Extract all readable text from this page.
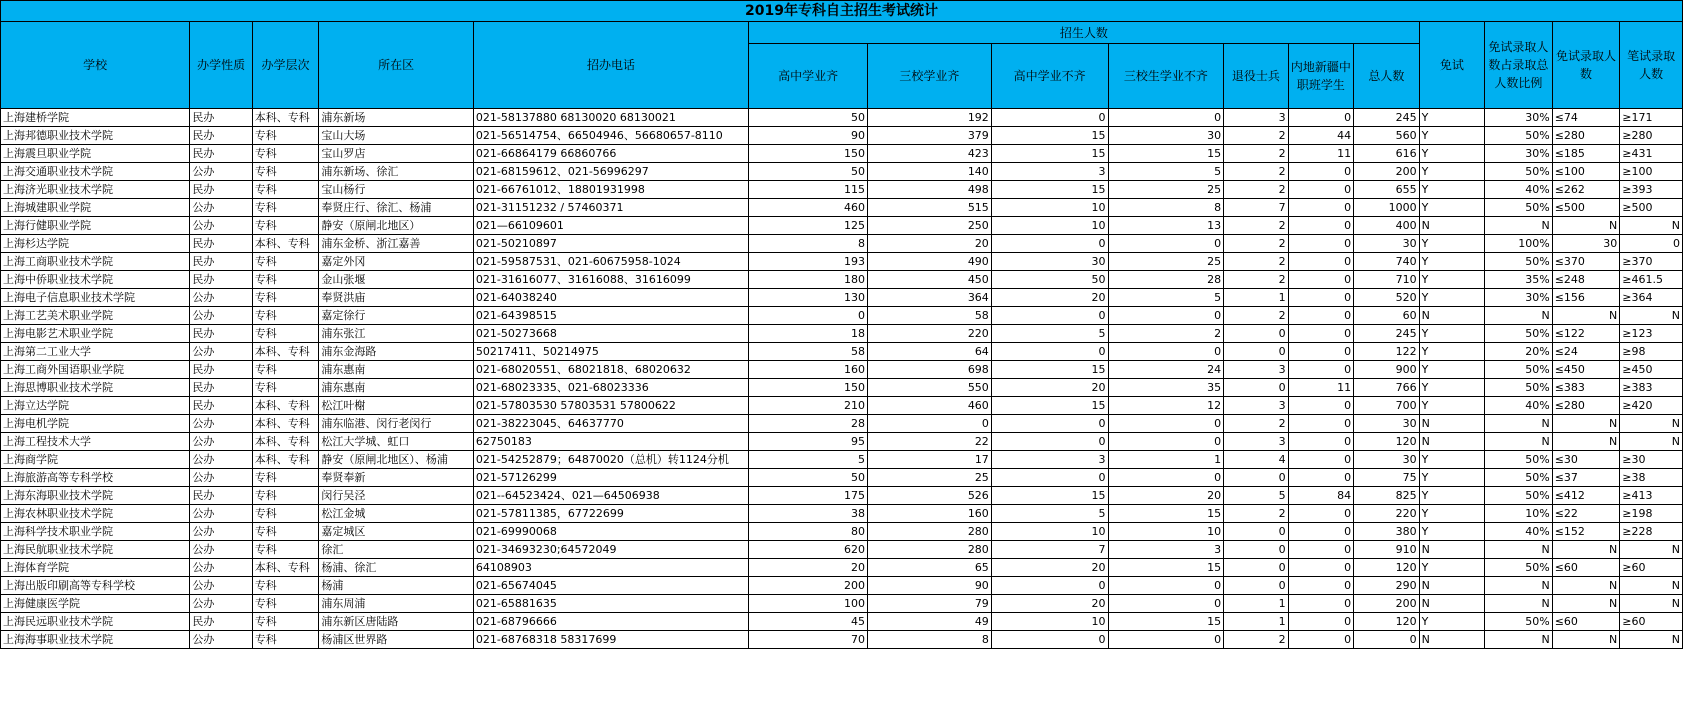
2019年专科自主招生考试统计															
学校	办学性质	办学层次	所在区	招办电话	招生人数							免试	免试录取人数占录取总人数比例	免试录取人数	笔试录取人数
					高中学业齐	三校学业齐	高中学业不齐	三校生学业不齐	退役士兵	内地新疆中职班学生	总人数				
上海建桥学院	民办	本科、专科	浦东新场	021-58137880 68130020 68130021	50	192	0	0	3	0	245	Y	30%	≤74	≥171
上海邦德职业技术学院	民办	专科	宝山大场	021-56514754、66504946、56680657-8110	90	379	15	30	2	44	560	Y	50%	≤280	≥280
上海震旦职业学院	民办	专科	宝山罗店	021-66864179 66860766	150	423	15	15	2	11	616	Y	30%	≤185	≥431
上海交通职业技术学院	公办	专科	浦东新场、徐汇	021-68159612、021-56996297	50	140	3	5	2	0	200	Y	50%	≤100	≥100
上海济光职业技术学院	民办	专科	宝山杨行	021-66761012、18801931998	115	498	15	25	2	0	655	Y	40%	≤262	≥393
上海城建职业学院	公办	专科	奉贤庄行、徐汇、杨浦	021-31151232 / 57460371	460	515	10	8	7	0	1000	Y	50%	≤500	≥500
上海行健职业学院	公办	专科	静安（原闸北地区）	021—66109601	125	250	10	13	2	0	400	N	N	N	N
上海杉达学院	民办	本科、专科	浦东金桥、浙江嘉善	021-50210897	8	20	0	0	2	0	30	Y	100%	30	0
上海工商职业技术学院	民办	专科	嘉定外冈	021-59587531、021-60675958-1024	193	490	30	25	2	0	740	Y	50%	≤370	≥370
上海中侨职业技术学院	民办	专科	金山张堰	021-31616077、31616088、31616099	180	450	50	28	2	0	710	Y	35%	≤248	≥461.5
上海电子信息职业技术学院	公办	专科	奉贤洪庙	021-64038240	130	364	20	5	1	0	520	Y	30%	≤156	≥364
上海工艺美术职业学院	公办	专科	嘉定徐行	021-64398515	0	58	0	0	2	0	60	N	N	N	N
上海电影艺术职业学院	民办	专科	浦东张江	021-50273668	18	220	5	2	0	0	245	Y	50%	≤122	≥123
上海第二工业大学	公办	本科、专科	浦东金海路	50217411、50214975	58	64	0	0	0	0	122	Y	20%	≤24	≥98
上海工商外国语职业学院	民办	专科	浦东惠南	021-68020551、68021818、68020632	160	698	15	24	3	0	900	Y	50%	≤450	≥450
上海思博职业技术学院	民办	专科	浦东惠南	021-68023335、021-68023336	150	550	20	35	0	11	766	Y	50%	≤383	≥383
上海立达学院	民办	本科、专科	松江叶榭	021-57803530 57803531 57800622	210	460	15	12	3	0	700	Y	40%	≤280	≥420
上海电机学院	公办	本科、专科	浦东临港、闵行老闵行	021-38223045、64637770	28	0	0	0	2	0	30	N	N	N	N
上海工程技术大学	公办	本科、专科	松江大学城、虹口	62750183	95	22	0	0	3	0	120	N	N	N	N
上海商学院	公办	本科、专科	静安（原闸北地区）、杨浦	021-54252879；64870020（总机）转1124分机	5	17	3	1	4	0	30	Y	50%	≤30	≥30
上海旅游高等专科学校	公办	专科	奉贤奉新	021-57126299	50	25	0	0	0	0	75	Y	50%	≤37	≥38
上海东海职业技术学院	民办	专科	闵行吴泾	021--64523424、021—64506938	175	526	15	20	5	84	825	Y	50%	≤412	≥413
上海农林职业技术学院	公办	专科	松江金城	021-57811385，67722699	38	160	5	15	2	0	220	Y	10%	≤22	≥198
上海科学技术职业学院	公办	专科	嘉定城区	021-69990068	80	280	10	10	0	0	380	Y	40%	≤152	≥228
上海民航职业技术学院	公办	专科	徐汇	021-34693230;64572049	620	280	7	3	0	0	910	N	N	N	N
上海体育学院	公办	本科、专科	杨浦、徐汇	64108903	20	65	20	15	0	0	120	Y	50%	≤60	≥60
上海出版印刷高等专科学校	公办	专科	杨浦	021-65674045	200	90	0	0	0	0	290	N	N	N	N
上海健康医学院	公办	专科	浦东周浦	021-65881635	100	79	20	0	1	0	200	N	N	N	N
上海民远职业技术学院	民办	专科	浦东新区唐陆路	021-68796666	45	49	10	15	1	0	120	Y	50%	≤60	≥60
上海海事职业技术学院	公办	专科	杨浦区世界路	021-68768318 58317699	70	8	0	0	2	0	0	N	N	N	N
